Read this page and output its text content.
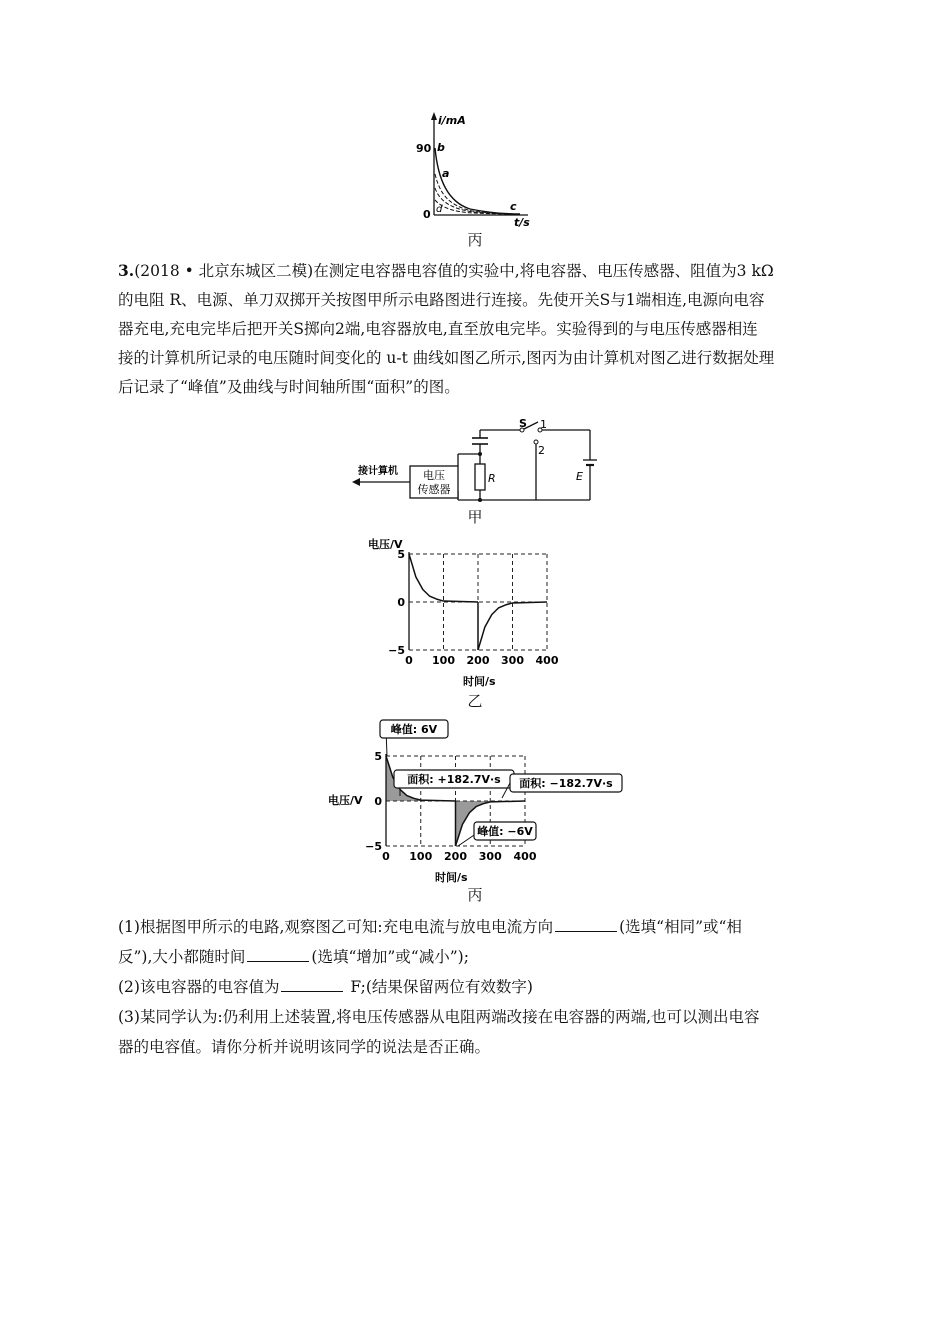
i/mA
90 b
a
c
d
0
t/s
丙
3.(2018 • 北京东城区二模)在测定电容器电容值的实验中,将电容器、电压传感器、阻值为3 kΩ
的电阻 R、电源、单刀双掷开关按图甲所示电路图进行连接。先使开关S与1端相连,电源向电容
器充电,充电完毕后把开关S掷向2端,电容器放电,直至放电完毕。实验得到的与电压传感器相连
接的计算机所记录的电压随时间变化的 u-t 曲线如图乙所示,图丙为由计算机对图乙进行数据处理
后记录了“峰值”及曲线与时间轴所围“面积”的图。
电压
传感器
接计算机
S 1
2
R	E
甲
电压/V
时间/s
0 100 200 300 400
5
0
−5
乙
电压/V
时间/s
0 100 200 300 400
5
0
−5
峰值: 6V
面积: +182.7V·s 面积: −182.7V·s
峰值: −6V
丙
(1)根据图甲所示的电路,观察图乙可知:充电电流与放电电流方向	(选填“相同”或“相
反”),大小都随时间	(选填“增加”或“减小”);
(2)该电容器的电容值为	F;(结果保留两位有效数字)
(3)某同学认为:仍利用上述装置,将电压传感器从电阻两端改接在电容器的两端,也可以测出电容
器的电容值。请你分析并说明该同学的说法是否正确。
